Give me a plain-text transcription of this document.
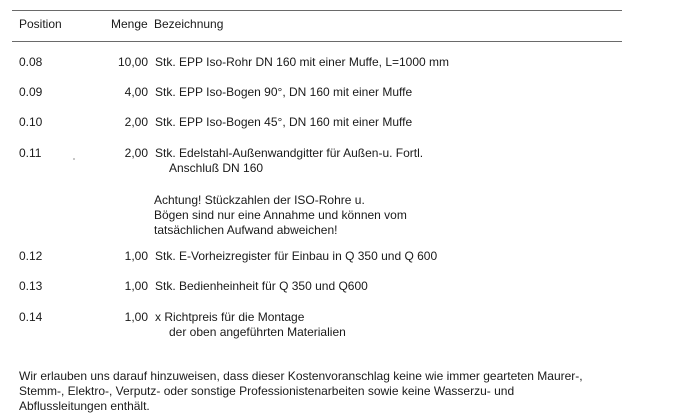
Position	Menge Bezeichnung
0.08	10,00 Stk. EPP Iso-Rohr DN 160 mit einer Muffe, L=1000 mm
0.09	4,00 Stk. EPP Iso-Bogen 90°, DN 160 mit einer Muffe
0.10	2,00 Stk. EPP Iso-Bogen 45°, DN 160 mit einer Muffe
0.11	2,00 Stk. Edelstahl-Außenwandgitter für Außen-u. Fortl.
Anschluß DN 160
Achtung! Stückzahlen der ISO-Rohre u.
Bögen sind nur eine Annahme und können vom
tatsächlichen Aufwand abweichen!
0.12	1,00 Stk. E-Vorheizregister für Einbau in Q 350 und Q 600
0.13	1,00 Stk. Bedienheinheit für Q 350 und Q600
0.14	1,00 x Richtpreis für die Montage
der oben angeführten Materialien
Wir erlauben uns darauf hinzuweisen, dass dieser Kostenvoranschlag keine wie immer gearteten Maurer-,
Stemm-, Elektro-, Verputz- oder sonstige Professionistenarbeiten sowie keine Wasserzu- und
Abflussleitungen enthält.
